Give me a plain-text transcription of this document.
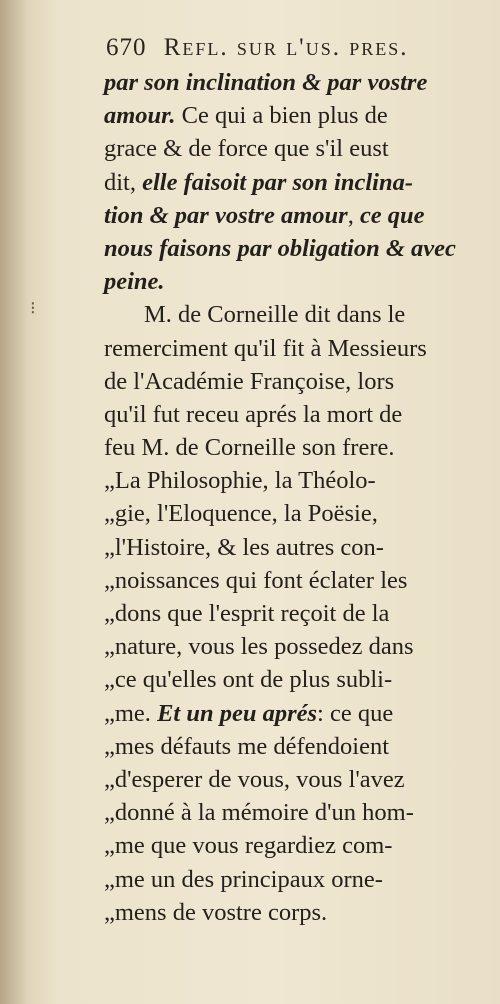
⁝
670 Refl. sur l'us. pres.
par son inclination & par vostre
amour. Ce qui a bien plus de
grace & de force que s'il eust
dit, elle faisoit par son inclina-
tion & par vostre amour, ce que
nous faisons par obligation & avec
peine.
M. de Corneille dit dans le
remerciment qu'il fit à Messieurs
de l'Académie Françoise, lors
qu'il fut receu aprés la mort de
feu M. de Corneille son frere.
„La Philosophie, la Théolo-
„gie, l'Eloquence, la Poësie,
„l'Histoire, & les autres con-
„noissances qui font éclater les
„dons que l'esprit reçoit de la
„nature, vous les possedez dans
„ce qu'elles ont de plus subli-
„me. Et un peu aprés: ce que
„mes défauts me défendoient
„d'esperer de vous, vous l'avez
„donné à la mémoire d'un hom-
„me que vous regardiez com-
„me un des principaux orne-
„mens de vostre corps.
